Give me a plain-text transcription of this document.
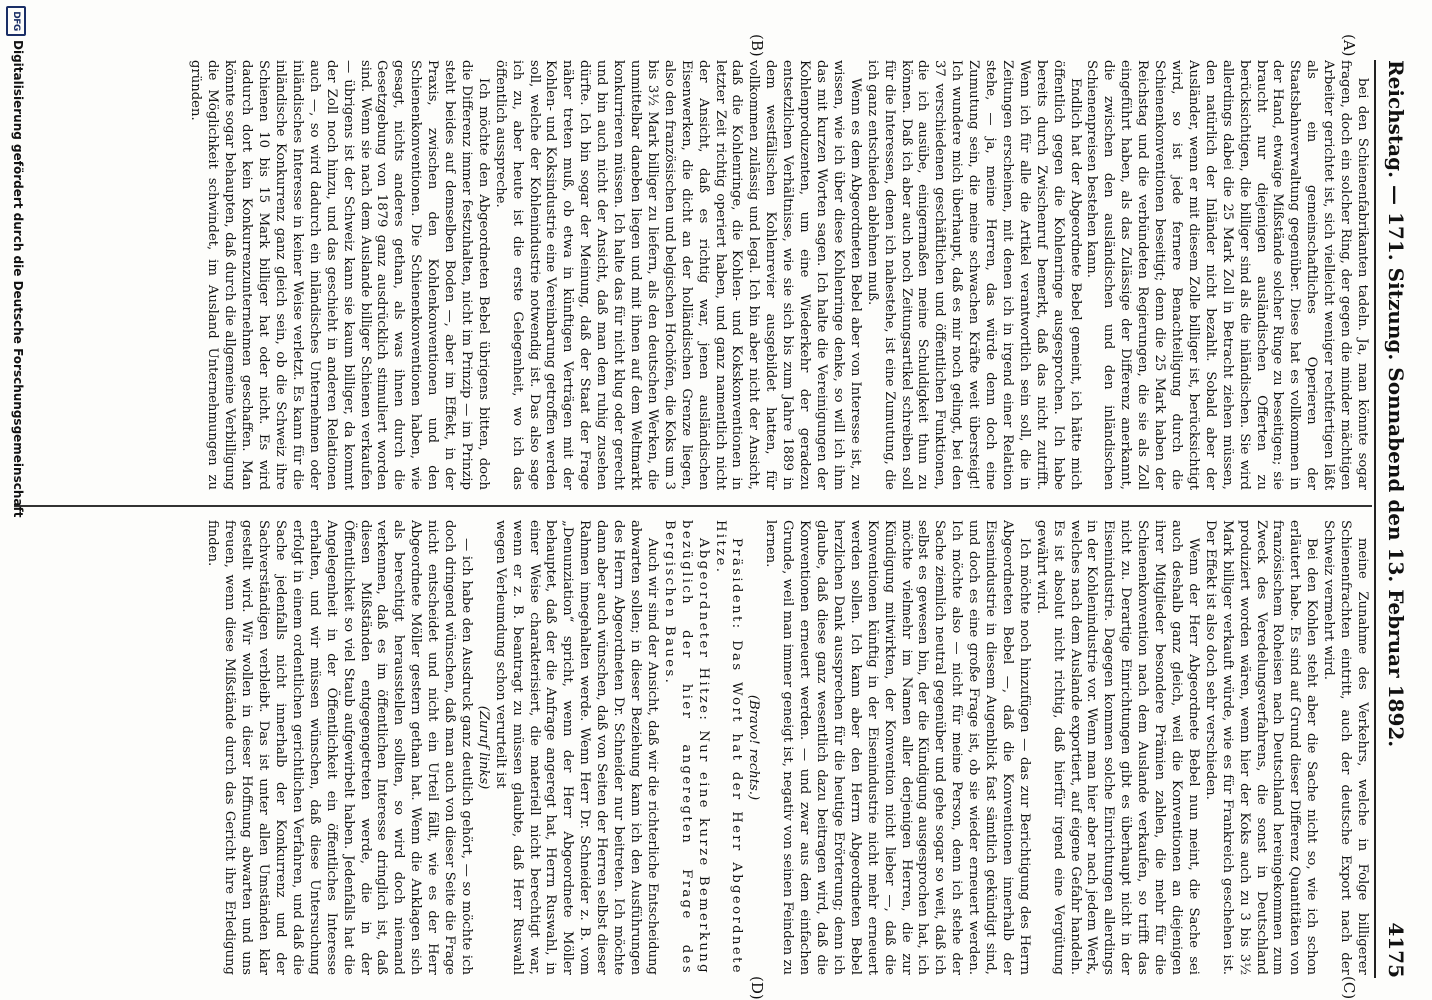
Reichstag. — 171. Sitzung. Sonnabend den 13. Februar 1892.
4175
(A)
(B)
(C)
(D)

bei den Schienenfabrikanten tadeln. Ja, man könnte sogar fragen, doch ein solcher Ring, der gegen die minder mächtigen Arbeiter gerichtet ist, sich vielleicht weniger rechtfertigen läßt als ein gemeinschaftliches Operieren der Staatsbahnverwaltung gegenüber. Diese hat es vollkommen in der Hand, etwaige Mißstände solcher Ringe zu beseitigen; sie braucht nur diejenigen ausländischen Offerten zu berücksichtigen, die billiger sind als die inländischen. Sie wird allerdings dabei die 25 Mark Zoll in Betracht ziehen müssen, den natürlich der Inländer nicht bezahlt. Sobald aber der Ausländer, wenn er mit diesem Zolle billiger ist, berücksichtigt wird, so ist jede fernere Benachteiligung durch die Schienenkonventionen beseitigt; denn die 25 Mark haben der Reichstag und die verbündeten Regierungen, die sie als Zoll eingeführt haben, als das Zulässige der Differenz anerkannt, die zwischen den ausländischen und den inländischen Schienenpreisen bestehen kann.

Endlich hat der Abgeordnete Bebel gemeint, ich hätte mich öffentlich gegen die Kohlenringe ausgesprochen. Ich habe bereits durch Zwischenruf bemerkt, daß das nicht zutrifft. Wenn ich für alle die Artikel verantwortlich sein soll, die in Zeitungen erscheinen, mit denen ich in irgend einer Relation stehe, — ja, meine Herren, das würde denn doch eine Zumutung sein, die meine schwachen Kräfte weit übersteigt! Ich wundere mich überhaupt, daß es mir noch gelingt, bei den 37 verschiedenen geschäftlichen und öffentlichen Funktionen, die ich ausübe, einigermaßen meine Schuldigkeit thun zu können. Daß ich aber auch noch Zeitungsartikel schreiben soll für die Interessen, denen ich nahestehe, ist eine Zumutung, die ich ganz entschieden ablehnen muß.

Wenn es dem Abgeordneten Bebel aber von Interesse ist, zu wissen, wie ich über diese Kohlenringe denke, so will ich ihm das mit kurzen Worten sagen. Ich halte die Vereinigungen der Kohlenproduzenten, um eine Wiederkehr der geradezu entsetzlichen Verhältnisse, wie sie sich bis zum Jahre 1889 in dem westfälischen Kohlenrevier ausgebildet hatten, für vollkommen zulässig und legal. Ich bin aber nicht der Ansicht, daß die Kohlenringe, die Kohlen- und Kokskonventionen in letzter Zeit richtig operiert haben, und ganz namentlich nicht der Ansicht, daß es richtig war, jenen ausländischen Eisenwerken, die dicht an der holländischen Grenze liegen, also den französischen und belgischen Hochöfen, die Koks um 3 bis 3½ Mark billiger zu liefern, als den deutschen Werken, die unmittelbar daneben liegen und mit ihnen auf dem Weltmarkt konkurrieren müssen. Ich halte das für nicht klug oder gerecht und bin auch nicht der Ansicht, daß man dem ruhig zusehen dürfte. Ich bin sogar der Meinung, daß der Staat der Frage näher treten muß, ob etwa in künftigen Verträgen mit der Kohlen- und Koksindustrie eine Vereinbarung getroffen werden soll, welche der Kohlenindustrie notwendig ist. Das also sage ich zu, aber heute ist die erste Gelegenheit, wo ich das öffentlich ausspreche.

Ich möchte den Abgeordneten Bebel übrigens bitten, doch die Differenz immer festzuhalten, nicht im Prinzip — im Prinzip steht beides auf demselben Boden —, aber im Effekt, in der Praxis, zwischen den Kohlenkonventionen und den Schienenkonventionen. Die Schienenkonventionen haben, wie gesagt, nichts anderes gethan, als was ihnen durch die Gesetzgebung von 1879 ganz ausdrücklich stimuliert worden sind. Wenn sie nach dem Auslande billiger Schienen verkaufen — übrigens ist der Schweiz kann sie kaum billiger, da kommt der Zoll noch hinzu, und das geschieht in anderen Relationen auch —, so wird dadurch ein inländisches Unternehmen oder inländisches Interesse in keiner Weise verletzt. Es kann für die inländische Konkurrenz ganz gleich sein, ob die Schweiz ihre Schienen 10 bis 15 Mark billiger hat oder nicht. Es wird dadurch dort kein Konkurrenzunternehmen geschaffen. Man könnte sogar behaupten, daß durch die allgemeine Verbilligung die Möglichkeit schwindet, im Ausland Unternehmungen zu gründen.

meine Zunahme des Verkehrs, welche in Folge billigerer Schienenfrachten eintritt, auch der deutsche Export nach der Schweiz vermehrt wird.

Bei den Kohlen steht aber die Sache nicht so, wie ich schon erläutert habe. Es sind auf Grund dieser Differenz Quantitäten von französischem Roheisen nach Deutschland hereingekommen zum Zweck des Veredelungsverfahrens, die sonst in Deutschland produziert worden wären, wenn hier der Koks auch zu 3 bis 3½ Mark billiger verkauft würde, wie es für Frankreich geschehen ist. Der Effekt ist also doch sehr verschieden.

Wenn der Herr Abgeordnete Bebel nun meint, die Sache sei auch deshalb ganz gleich, weil die Konventionen an diejenigen ihrer Mitglieder besondere Prämien zahlen, die mehr für die Schienenkonvention nach dem Auslande verkaufen, so trifft das nicht zu. Derartige Einrichtungen gibt es überhaupt nicht in der Eisenindustrie. Dagegen kommen solche Einrichtungen allerdings in der Kohlenindustrie vor. Wenn man hier aber nach jedem Werk, welches nach dem Auslande exportiert, auf eigene Gefahr handeln. Es ist absolut nicht richtig, daß hierfür irgend eine Vergütung gewährt wird.

Ich möchte noch hinzufügen — das zur Berichtigung des Herrn Abgeordneten Bebel —, daß die Konventionen innerhalb der Eisenindustrie in diesem Augenblick fast sämtlich gekündigt sind, und doch es eine große Frage ist, ob sie wieder erneuert werden. Ich möchte also — nicht für meine Person, denn ich stehe der Sache ziemlich neutral gegenüber und gehe sogar so weit, daß ich selbst es gewesen bin, der die Kündigung ausgesprochen hat, ich möchte vielmehr im Namen aller derjenigen Herren, die zur Kündigung mitwirkten, der Konvention nicht lieber —, daß die Konventionen künftig in der Eisenindustrie nicht mehr erneuert werden sollen. Ich kann aber den Herrn Abgeordneten Bebel herzlichen Dank aussprechen für die heutige Erörterung; denn ich glaube, daß diese ganz wesentlich dazu beitragen wird, daß die Konventionen erneuert werden. — und zwar aus dem einfachen Grunde, weil man immer geneigt ist, negativ von seinen Feinden zu lernen.

(Bravo! rechts.)

Präsident: Das Wort hat der Herr Abgeordnete Hitze.

Abgeordneter Hitze: Nur eine kurze Bemerkung bezüglich der hier angeregten Frage des Bergischen Baues.

Auch wir sind der Ansicht, daß wir die richterliche Entscheidung abwarten sollen; in dieser Beziehung kann ich den Ausführungen des Herrn Abgeordneten Dr. Schneider nur beitreten. Ich möchte dann aber auch wünschen, daß von Seiten der Herren selbst dieser Rahmen innegehalten werde. Wenn Herr Dr. Schneider z. B. vom „Denunziation“ spricht, wenn der Herr Abgeordnete Möller behauptet, daß der die Anfrage angeregt hat, Herrn Ruswahl, in einer Weise charakterisiert, die materiell nicht berechtigt war, wenn er z. B. beantragt zu müssen glaubte, daß Herr Ruswahl wegen Verleumdung schon verurteilt ist

(Zuruf links)

— ich habe den Ausdruck ganz deutlich gehört, — so möchte ich doch dringend wünschen, daß man auch von dieser Seite die Frage nicht entscheidet und nicht ein Urteil fällt, wie es der Herr Abgeordnete Möller gestern gethan hat. Wenn die Anklagen sich als berechtigt herausstellen sollten, so wird doch niemand verkennen, daß es im öffentlichen Interesse dringlich ist, daß diesen Mißständen entgegengetreten werde, die in der Öffentlichkeit so viel Staub aufgewirbelt haben. Jedenfalls hat die Angelegenheit in der Öffentlichkeit ein öffentliches Interesse erhalten, und wir müssen wünschen, daß diese Untersuchung erfolgt in einem ordentlichen gerichtlichen Verfahren, und daß die Sache jedenfalls nicht innerhalb der Konkurrenz und der Sachverständigen verbleibt. Das ist unter allen Umständen klar gestellt wird. Wir wollen in dieser Hoffnung abwarten und uns freuen, wenn diese Mißstände durch das Gericht ihre Erledigung finden.

DFG
Digitalisierung gefördert durch die Deutsche Forschungsgemeinschaft
